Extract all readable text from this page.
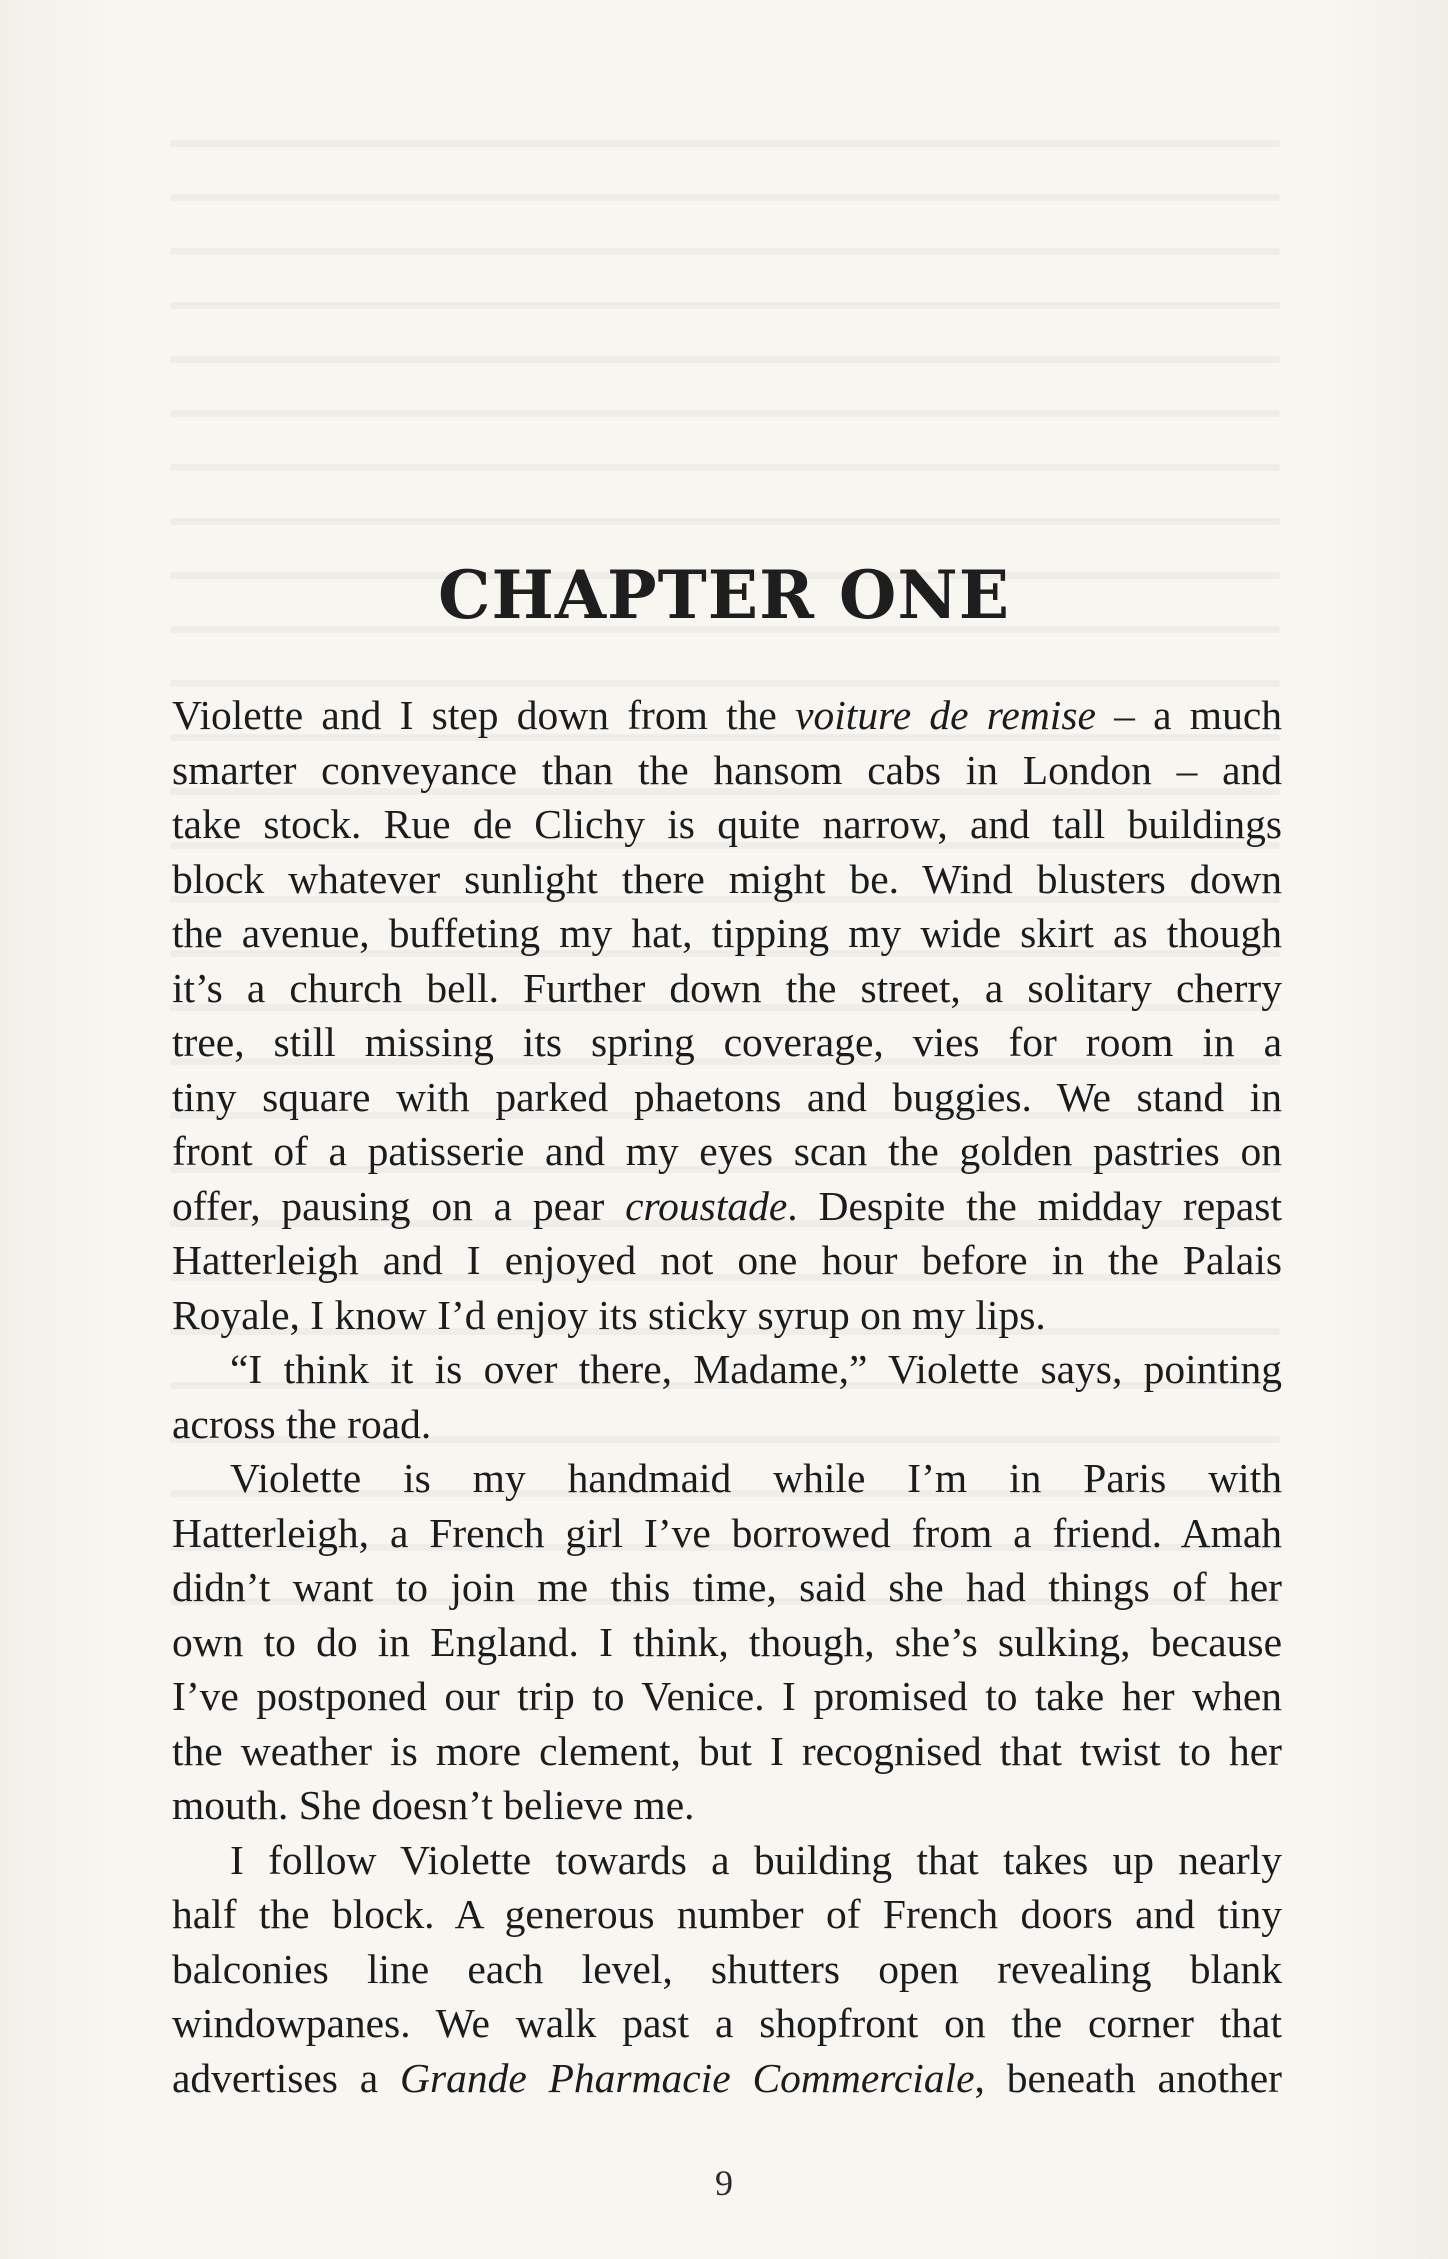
CHAPTER ONE

Violette and I step down from the voiture de remise – a much

smarter conveyance than the hansom cabs in London – and

take stock. Rue de Clichy is quite narrow, and tall buildings

block whatever sunlight there might be. Wind blusters down

the avenue, buffeting my hat, tipping my wide skirt as though

it’s a church bell. Further down the street, a solitary cherry

tree, still missing its spring coverage, vies for room in a

tiny square with parked phaetons and buggies. We stand in

front of a patisserie and my eyes scan the golden pastries on

offer, pausing on a pear croustade. Despite the midday repast

Hatterleigh and I enjoyed not one hour before in the Palais

Royale, I know I’d enjoy its sticky syrup on my lips.

“I think it is over there, Madame,” Violette says, pointing

across the road.

Violette is my handmaid while I’m in Paris with

Hatterleigh, a French girl I’ve borrowed from a friend. Amah

didn’t want to join me this time, said she had things of her

own to do in England. I think, though, she’s sulking, because

I’ve postponed our trip to Venice. I promised to take her when

the weather is more clement, but I recognised that twist to her

mouth. She doesn’t believe me.

I follow Violette towards a building that takes up nearly

half the block. A generous number of French doors and tiny

balconies line each level, shutters open revealing blank

windowpanes. We walk past a shopfront on the corner that

advertises a Grande Pharmacie Commerciale, beneath another

9
